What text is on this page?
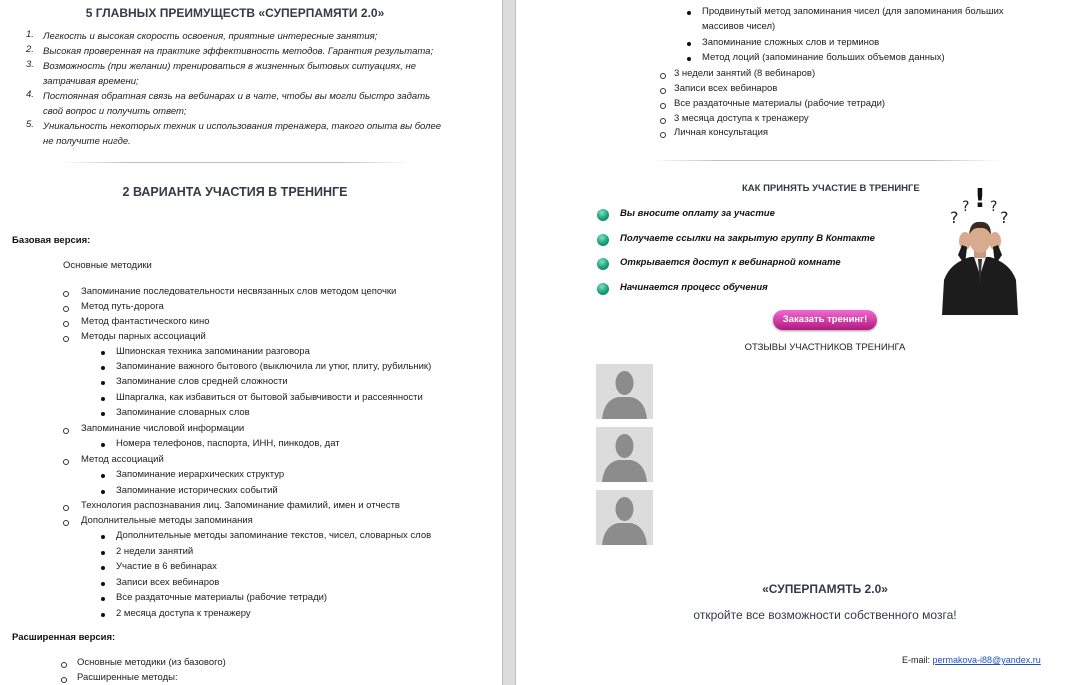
5 ГЛАВНЫХ ПРЕИМУЩЕСТВ «СУПЕРПАМЯТИ 2.0»
1. Легкость и высокая скорость освоения, приятные интересные занятия;
2. Высокая проверенная на практике эффективность методов. Гарантия результата;
3. Возможность (при желании) тренироваться в жизненных бытовых ситуациях, не
затрачивая времени;
4. Постоянная обратная связь на вебинарах и в чате, чтобы вы могли быстро задать
свой вопрос и получить ответ;
5. Уникальность некоторых техник и использования тренажера, такого опыта вы более
не получите нигде.
2 ВАРИАНТА УЧАСТИЯ В ТРЕНИНГЕ
Базовая версия:
Основные методики
Запоминание последовательности несвязанных слов методом цепочки
Метод путь-дорога
Метод фантастического кино
Методы парных ассоциаций
Шпионская техника запоминании разговора
Запоминание важного бытового (выключила ли утюг, плиту, рубильник)
Запоминание слов средней сложности
Шпаргалка, как избавиться от бытовой забывчивости и рассеянности
Запоминание словарных слов
Запоминание числовой информации
Номера телефонов, паспорта, ИНН, пинкодов, дат
Метод ассоциаций
Запоминание иерархических структур
Запоминание исторических событий
Технология распознавания лиц. Запоминание фамилий, имен и отчеств
Дополнительные методы запоминания
Дополнительные методы запоминание текстов, чисел, словарных слов
2 недели занятий
Участие в 6 вебинарах
Записи всех вебинаров
Все раздаточные материалы (рабочие тетради)
2 месяца доступа к тренажеру
Расширенная версия:
Основные методики (из базового)
Расширенные методы:
Продвинутый метод запоминания чисел (для запоминания больших
массивов чисел)
Запоминание сложных слов и терминов
Метод лоций (запоминание больших объемов данных)
3 недели занятий (8 вебинаров)
Записи всех вебинаров
Все раздаточные материалы (рабочие тетради)
3 месяца доступа к тренажеру
Личная консультация
КАК ПРИНЯТЬ УЧАСТИЕ В ТРЕНИНГЕ
Вы вносите оплату за участие
Получаете ссылки на закрытую группу В Контакте
Открывается доступ к вебинарной комнате
Начинается процесс обучения
?
? ! ?
?
Заказать тренинг!
ОТЗЫВЫ УЧАСТНИКОВ ТРЕНИНГА
«СУПЕРПАМЯТЬ 2.0»
откройте все возможности собственного мозга!
E-mail: permakova-i88@yandex.ru
